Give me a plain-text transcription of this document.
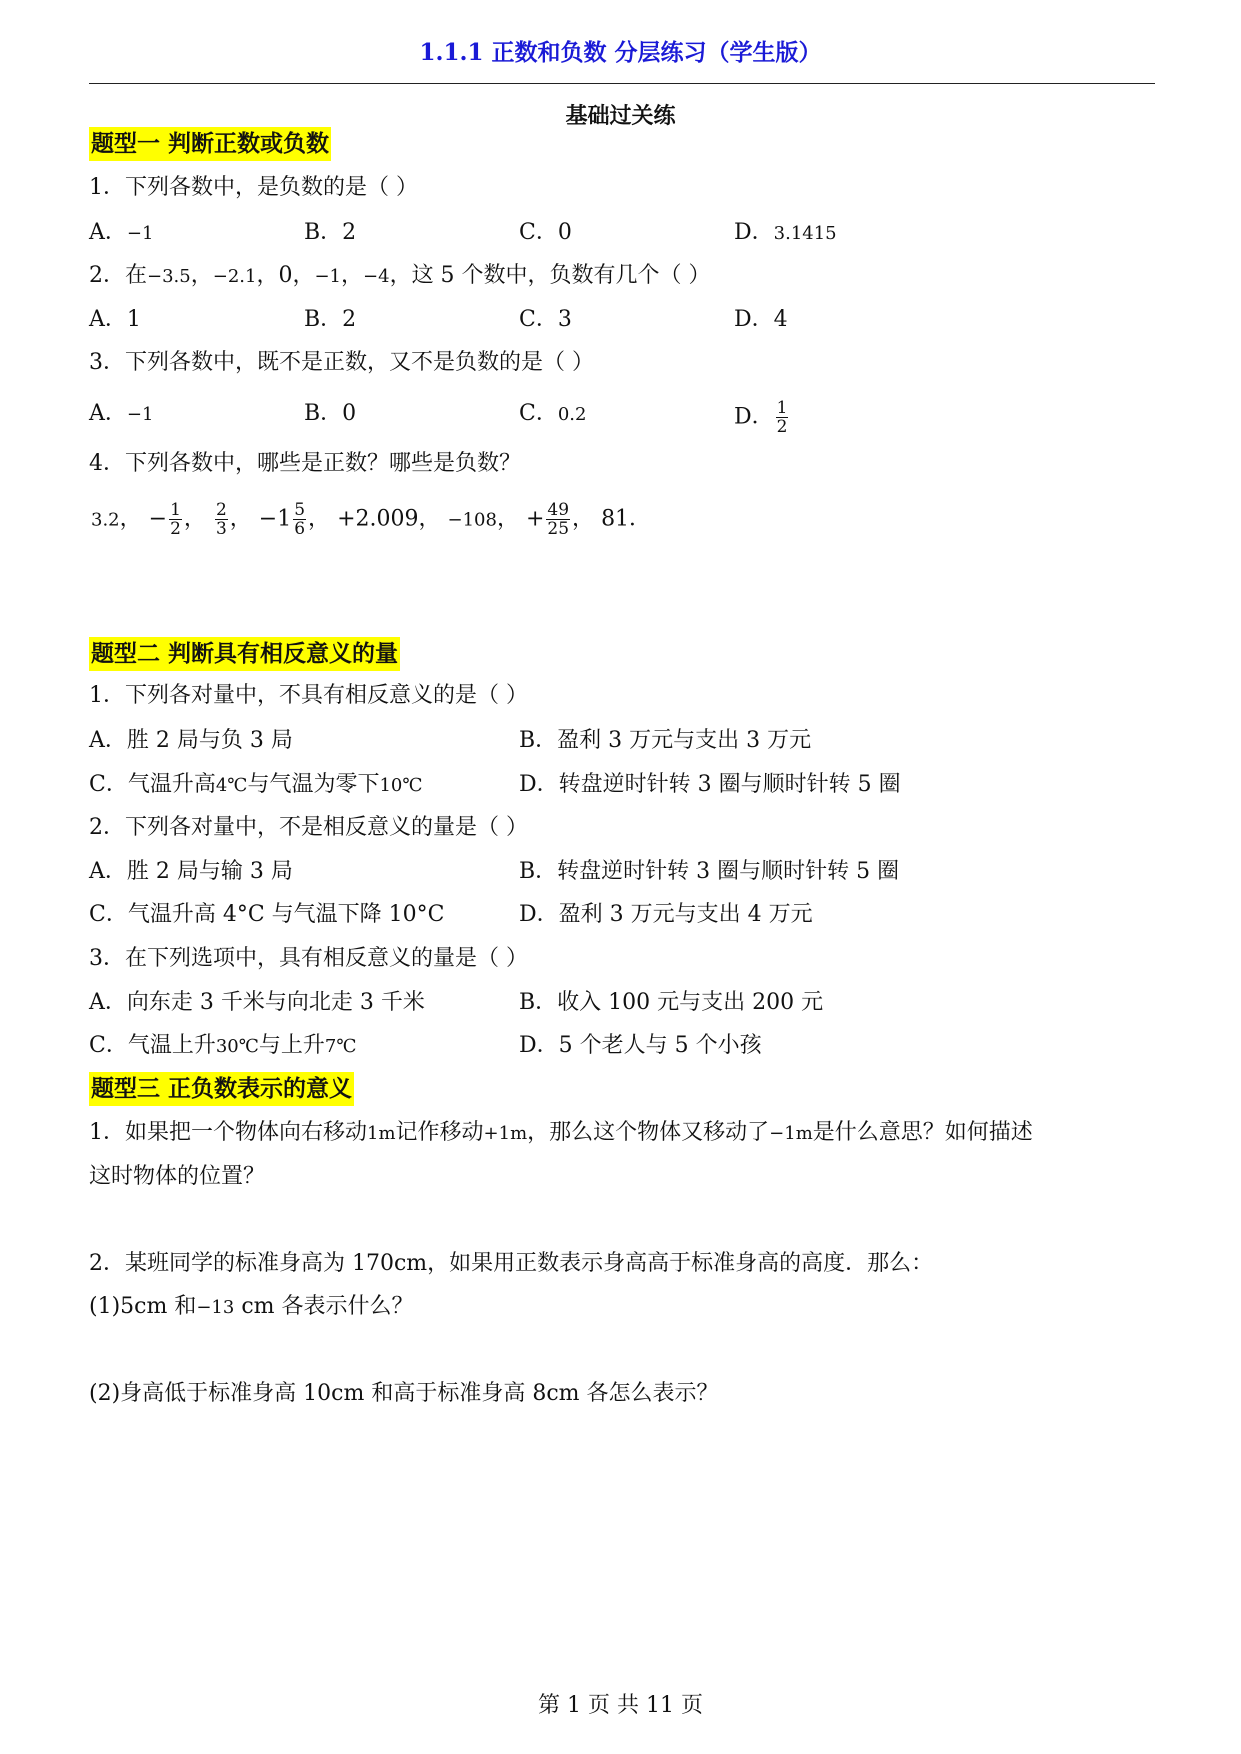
1.1.1 正数和负数 分层练习（学生版）
基础过关练
题型一 判断正数或负数
1．下列各数中，是负数的是（ ）
A．−1	B．2	C．0	D．3.1415
2．在−3.5，−2.1，0，−1，−4，这 5 个数中，负数有几个（ ）
A．1	B．2	C．3	D．4
3．下列各数中，既不是正数，又不是负数的是（ ）
A．−1	B．0	C．0.2	D． $\frac{1}{2}$
4．下列各数中，哪些是正数？哪些是负数？
3.2， − $\frac{1}{2}$ ， $\frac{2}{3}$ ， $-1 \frac{5}{6}$ ， +2.009， −108， + $\frac{49}{25}$ ， 81．
题型二 判断具有相反意义的量
1．下列各对量中，不具有相反意义的是（ ）
A．胜 2 局与负 3 局	B．盈利 3 万元与支出 3 万元
C．气温升高4℃与气温为零下10℃	D．转盘逆时针转 3 圈与顺时针转 5 圈
2．下列各对量中，不是相反意义的量是（ ）
A．胜 2 局与输 3 局	B．转盘逆时针转 3 圈与顺时针转 5 圈
C．气温升高 4°C 与气温下降 10°C	D．盈利 3 万元与支出 4 万元
3．在下列选项中，具有相反意义的量是（ ）
A．向东走 3 千米与向北走 3 千米	B．收入 100 元与支出 200 元
C．气温上升30℃与上升7℃	D．5 个老人与 5 个小孩
题型三 正负数表示的意义
1．如果把一个物体向右移动1m记作移动+1m，那么这个物体又移动了−1m是什么意思？如何描述
这时物体的位置？
2．某班同学的标准身高为 170cm，如果用正数表示身高高于标准身高的高度．那么：
(1)5cm 和−13 cm 各表示什么？
(2)身高低于标准身高 10cm 和高于标准身高 8cm 各怎么表示？
第 1 页 共 11 页
